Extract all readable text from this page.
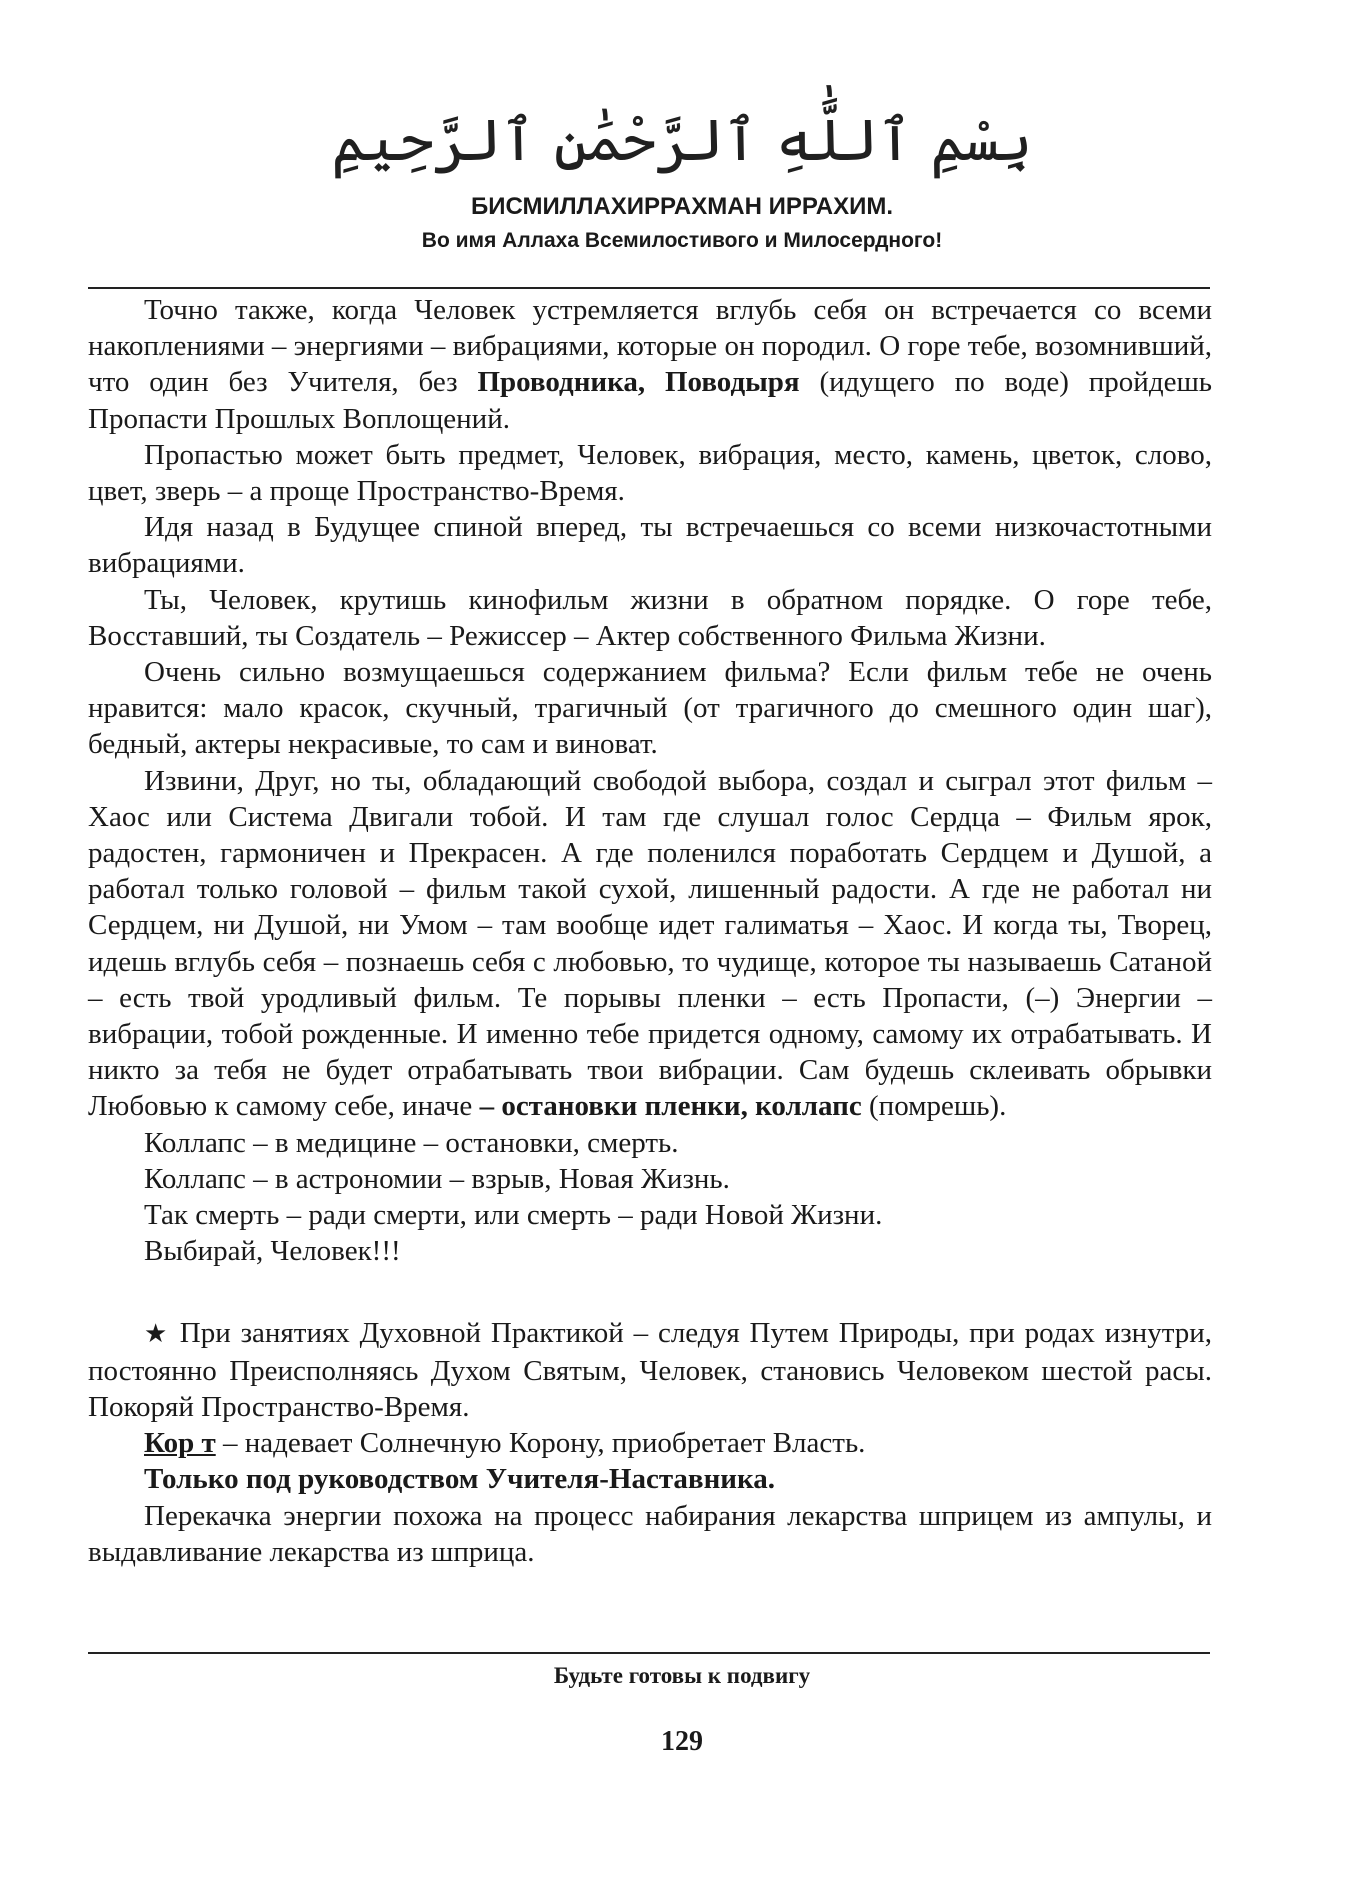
بِسْمِ ٱللَّٰهِ ٱلرَّحْمَٰنِ ٱلرَّحِيمِ
БИСМИЛЛАХИРРАХМАН ИРРАХИМ.
Во имя Аллаха Всемилостивого и Милосердного!

Точно также, когда Человек устремляется вглубь себя он встречается со всеми накоплениями – энергиями – вибрациями, которые он породил. О горе тебе, возомнивший, что один без Учителя, без Проводника, Поводыря (идущего по воде) пройдешь Пропасти Прошлых Воплощений.

Пропастью может быть предмет, Человек, вибрация, место, камень, цветок, слово, цвет, зверь – а проще Пространство-Время.

Идя назад в Будущее спиной вперед, ты встречаешься со всеми низкочастотными вибрациями.

Ты, Человек, крутишь кинофильм жизни в обратном порядке. О горе тебе, Восставший, ты Создатель – Режиссер – Актер собственного Фильма Жизни.

Очень сильно возмущаешься содержанием фильма? Если фильм тебе не очень нравится: мало красок, скучный, трагичный (от трагичного до смешного один шаг), бедный, актеры некрасивые, то сам и виноват.

Извини, Друг, но ты, обладающий свободой выбора, создал и сыграл этот фильм – Хаос или Система Двигали тобой. И там где слушал голос Сердца – Фильм ярок, радостен, гармоничен и Прекрасен. А где поленился поработать Сердцем и Душой, а работал только головой – фильм такой сухой, лишенный радости. А где не работал ни Сердцем, ни Душой, ни Умом – там вообще идет галиматья – Хаос. И когда ты, Творец, идешь вглубь себя – познаешь себя с любовью, то чудище, которое ты называешь Сатаной – есть твой уродливый фильм. Те порывы пленки – есть Пропасти, (–) Энергии – вибрации, тобой рожденные. И именно тебе придется одному, самому их отрабатывать. И никто за тебя не будет отрабатывать твои вибрации. Сам будешь склеивать обрывки Любовью к самому себе, иначе – остановки пленки, коллапс (помрешь).

Коллапс – в медицине – остановки, смерть.

Коллапс – в астрономии – взрыв, Новая Жизнь.

Так смерть – ради смерти, или смерть – ради Новой Жизни.

Выбирай, Человек!!!

★ При занятиях Духовной Практикой – следуя Путем Природы, при родах изнутри, постоянно Преисполняясь Духом Святым, Человек, становись Человеком шестой расы. Покоряй Пространство-Время.

Кор т – надевает Солнечную Корону, приобретает Власть.

Только под руководством Учителя-Наставника.

Перекачка энергии похожа на процесс набирания лекарства шприцем из ампулы, и выдавливание лекарства из шприца.

Будьте готовы к подвигу
129
